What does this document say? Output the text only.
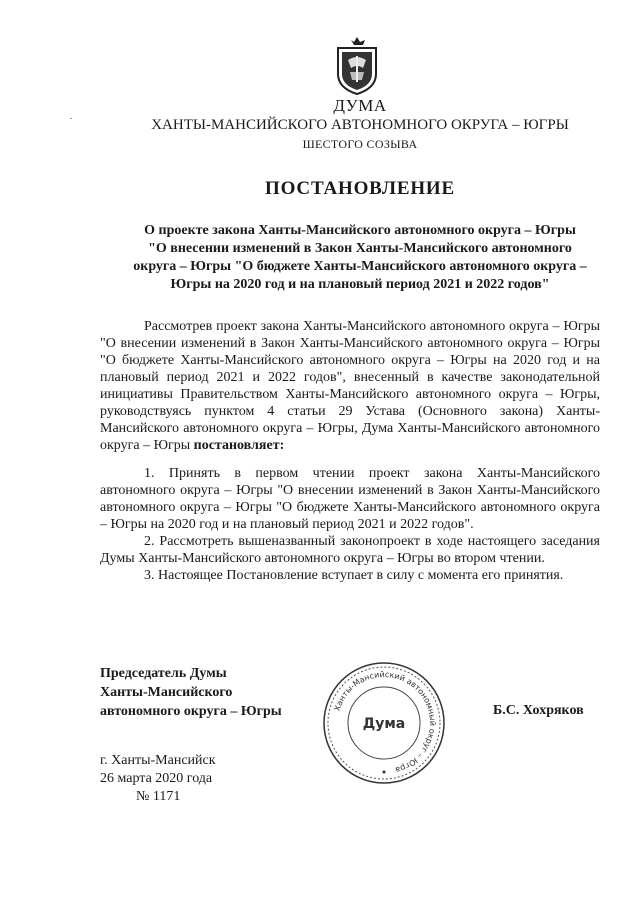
ДУМА
ХАНТЫ-МАНСИЙСКОГО АВТОНОМНОГО ОКРУГА – ЮГРЫ
ШЕСТОГО СОЗЫВА
ПОСТАНОВЛЕНИЕ
О проекте закона Ханты-Мансийского автономного округа – Югры
"О внесении изменений в Закон Ханты-Мансийского автономного
округа – Югры "О бюджете Ханты-Мансийского автономного округа –
Югры на 2020 год и на плановый период 2021 и 2022 годов"

Рассмотрев проект закона Ханты-Мансийского автономного округа – Югры "О внесении изменений в Закон Ханты-Мансийского автономного округа – Югры "О бюджете Ханты-Мансийского автономного округа – Югры на 2020 год и на плановый период 2021 и 2022 годов", внесенный в качестве законодательной инициативы Правительством Ханты-Мансийского автономного округа – Югры, руководствуясь пунктом 4 статьи 29 Устава (Основного закона) Ханты-Мансийского автономного округа – Югры, Дума Ханты-Мансийского автономного округа – Югры постановляет:

1. Принять в первом чтении проект закона Ханты-Мансийского автономного округа – Югры "О внесении изменений в Закон Ханты-Мансийского автономного округа – Югры "О бюджете Ханты-Мансийского автономного округа – Югры на 2020 год и на плановый период 2021 и 2022 годов".

2. Рассмотреть вышеназванный законопроект в ходе настоящего заседания Думы Ханты-Мансийского автономного округа – Югры во втором чтении.

3. Настоящее Постановление вступает в силу с момента его принятия.

Председатель Думы
Ханты-Мансийского
автономного округа – Югры	Ханты-Мансийский автономный округ – Югра
Дума
Б.С. Хохряков
г. Ханты-Мансийск
26 марта 2020 года
№ 1171
